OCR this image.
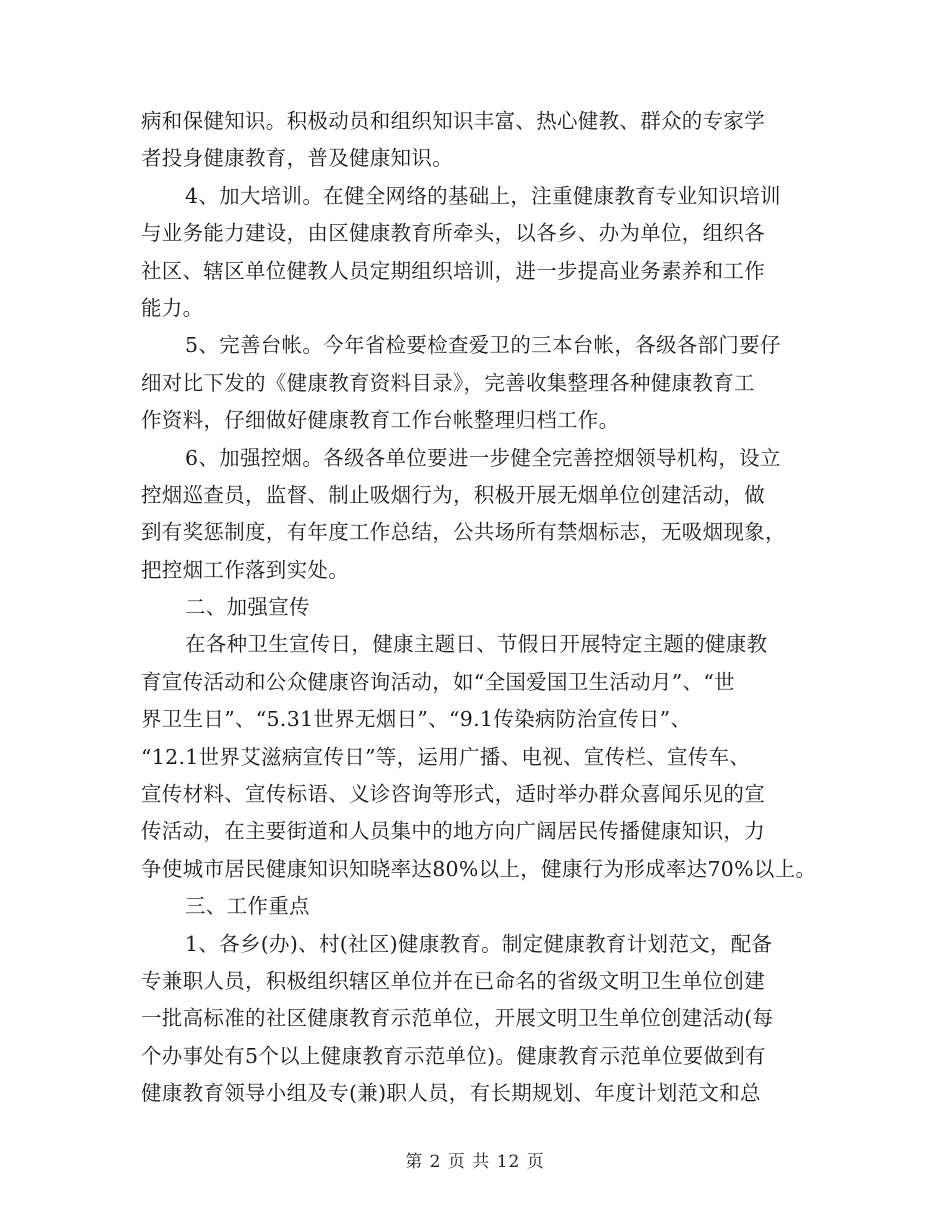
病和保健知识。积极动员和组织知识丰富、热心健教、群众的专家学
者投身健康教育，普及健康知识。
4、加大培训。在健全网络的基础上，注重健康教育专业知识培训
与业务能力建设，由区健康教育所牵头，以各乡、办为单位，组织各
社区、辖区单位健教人员定期组织培训，进一步提高业务素养和工作
能力。
5、完善台帐。今年省检要检查爱卫的三本台帐，各级各部门要仔
细对比下发的《健康教育资料目录》，完善收集整理各种健康教育工
作资料，仔细做好健康教育工作台帐整理归档工作。
6、加强控烟。各级各单位要进一步健全完善控烟领导机构，设立
控烟巡查员，监督、制止吸烟行为，积极开展无烟单位创建活动，做
到有奖惩制度，有年度工作总结，公共场所有禁烟标志，无吸烟现象，
把控烟工作落到实处。
二、加强宣传
在各种卫生宣传日，健康主题日、节假日开展特定主题的健康教
育宣传活动和公众健康咨询活动，如“全国爱国卫生活动月”、“世
界卫生日”、“5.31世界无烟日”、“9.1传染病防治宣传日”、
“12.1世界艾滋病宣传日”等，运用广播、电视、宣传栏、宣传车、
宣传材料、宣传标语、义诊咨询等形式，适时举办群众喜闻乐见的宣
传活动，在主要街道和人员集中的地方向广阔居民传播健康知识，力
争使城市居民健康知识知晓率达80%以上，健康行为形成率达70%以上。
三、工作重点
1、各乡(办)、村(社区)健康教育。制定健康教育计划范文，配备
专兼职人员，积极组织辖区单位并在已命名的省级文明卫生单位创建
一批高标准的社区健康教育示范单位，开展文明卫生单位创建活动(每
个办事处有5个以上健康教育示范单位)。健康教育示范单位要做到有
健康教育领导小组及专(兼)职人员，有长期规划、年度计划范文和总
第 2 页 共 12 页
